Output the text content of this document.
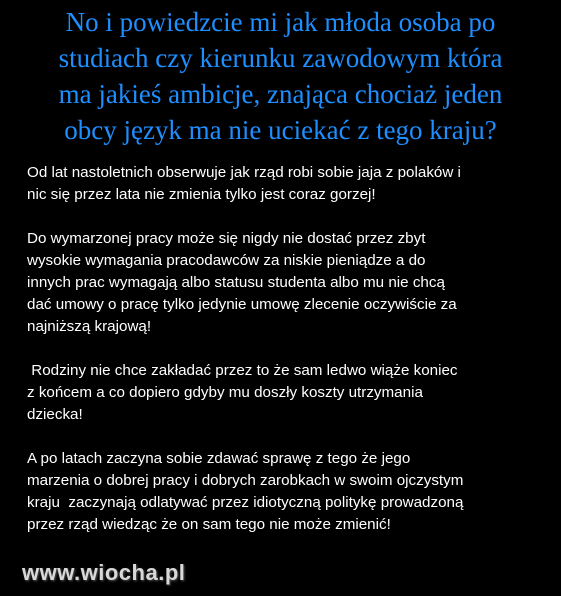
No i powiedzcie mi jak młoda osoba po
studiach czy kierunku zawodowym która
ma jakieś ambicje, znająca chociaż jeden
obcy język ma nie uciekać z tego kraju?

Od lat nastoletnich obserwuje jak rząd robi sobie jaja z polaków i
nic się przez lata nie zmienia tylko jest coraz gorzej!

Do wymarzonej pracy może się nigdy nie dostać przez zbyt
wysokie wymagania pracodawców za niskie pieniądze a do
innych prac wymagają albo statusu studenta albo mu nie chcą
dać umowy o pracę tylko jedynie umowę zlecenie oczywiście za
najniższą krajową!

Rodziny nie chce zakładać przez to że sam ledwo wiąże koniec
z końcem a co dopiero gdyby mu doszły koszty utrzymania
dziecka!

A po latach zaczyna sobie zdawać sprawę z tego że jego
marzenia o dobrej pracy i dobrych zarobkach w swoim ojczystym
kraju  zaczynają odlatywać przez idiotyczną politykę prowadzoną
przez rząd wiedząc że on sam tego nie może zmienić!

www.wiocha.pl
